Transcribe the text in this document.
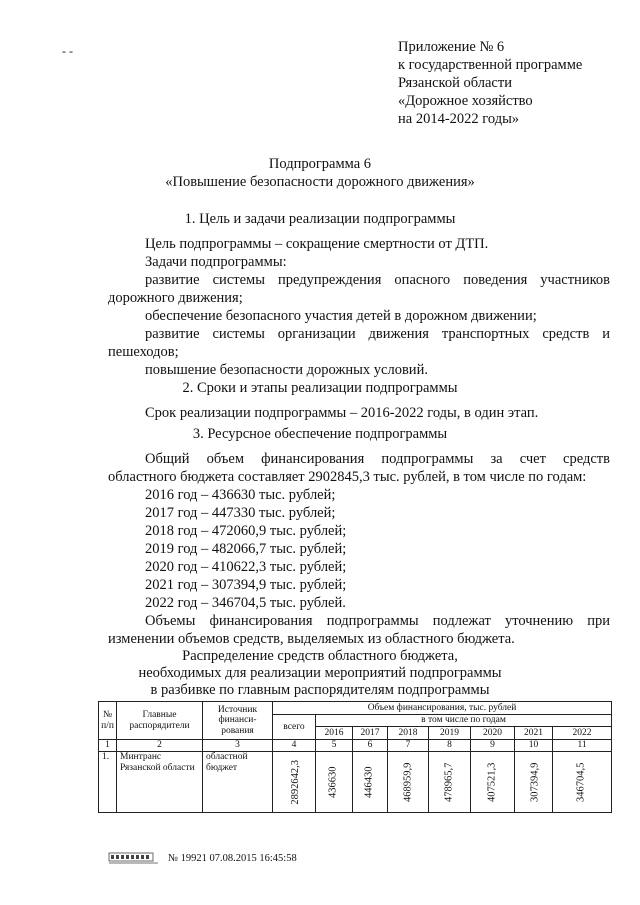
- -	Приложение № 6
к государственной программе
Рязанской области
«Дорожное хозяйство
на 2014-2022 годы»
Подпрограмма 6
«Повышение безопасности дорожного движения»
1. Цель и задачи реализации подпрограммы
Цель подпрограммы – сокращение смертности от ДТП.
Задачи подпрограммы:
развитие системы предупреждения опасного поведения участников
дорожного движения;
обеспечение безопасного участия детей в дорожном движении;
развитие системы организации движения транспортных средств и
пешеходов;
повышение безопасности дорожных условий.
2. Сроки и этапы реализации подпрограммы
Срок реализации подпрограммы – 2016-2022 годы, в один этап.
3. Ресурсное обеспечение подпрограммы
Общий объем финансирования подпрограммы за счет средств
областного бюджета составляет 2902845,3 тыс. рублей, в том числе по годам:
2016 год – 436630 тыс. рублей;
2017 год – 447330 тыс. рублей;
2018 год – 472060,9 тыс. рублей;
2019 год – 482066,7 тыс. рублей;
2020 год – 410622,3 тыс. рублей;
2021 год – 307394,9 тыс. рублей;
2022 год – 346704,5 тыс. рублей.
Объемы финансирования подпрограммы подлежат уточнению при
изменении объемов средств, выделяемых из областного бюджета.
Распределение средств областного бюджета,
необходимых для реализации мероприятий подпрограммы
в разбивке по главным распорядителям подпрограммы
№ п/п	Главные распорядители	Источник финанси-рования	Объем финансирования, тыс. рублей							
			всего	в том числе по годам						
				2016	2017	2018	2019	2020	2021	2022
1	2	3	4	5	6	7	8	9	10	11
1.	Минтранс Рязанской области	областной бюджет	2892642,3	436630	446430	468959,9	478965,7	407521,3	307394,9	346704,5
№ 19921 07.08.2015 16:45:58
